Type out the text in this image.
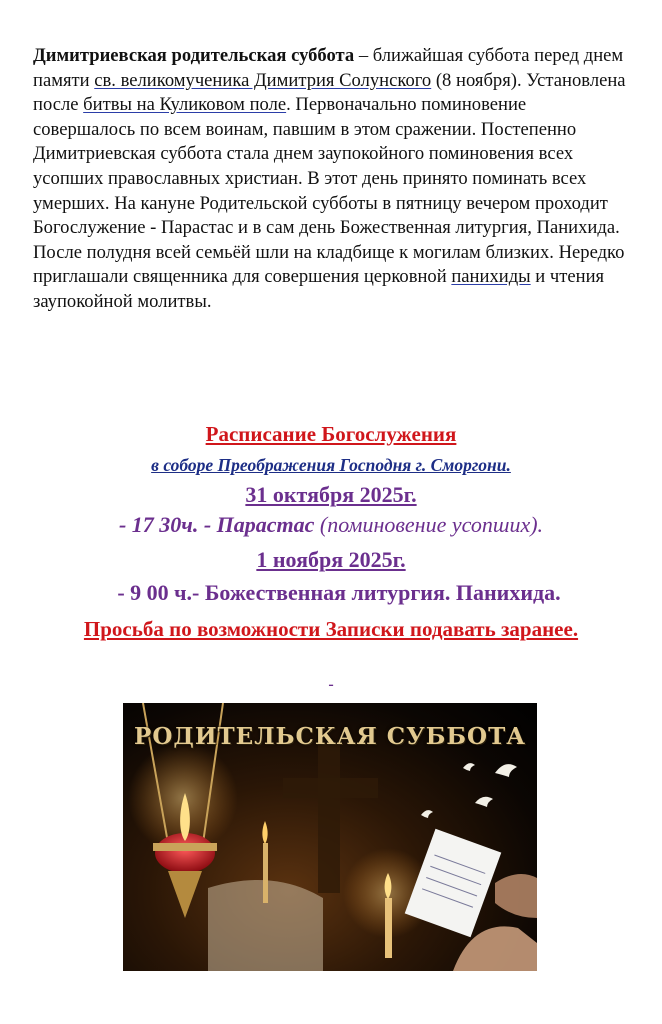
Димитриевская родительская суббота – ближайшая суббота перед днем памяти св. великомученика Димитрия Солунского (8 ноября). Установлена после битвы на Куликовом поле. Первоначально поминовение совершалось по всем воинам, павшим в этом сражении. Постепенно Димитриевская суббота стала днем заупокойного поминовения всех усопших православных христиан. В этот день принято поминать всех умерших. На кануне Родительской субботы в пятницу вечером проходит Богослужение - Парастас и в сам день Божественная литургия, Панихида. После полудня всей семьёй шли на кладбище к могилам близких. Нередко приглашали священника для совершения церковной панихиды и чтения заупокойной молитвы.

Расписание Богослужения
в соборе Преображения Господня г. Сморгони.
31 октября 2025г.
- 17 30ч. - Парастас (поминовение усопших).
1 ноября 2025г.
- 9 00 ч.- Божественная литургия. Панихида.
Просьба по возможности Записки подавать заранее.
-
РОДИТЕЛЬСКАЯ СУББОТА
